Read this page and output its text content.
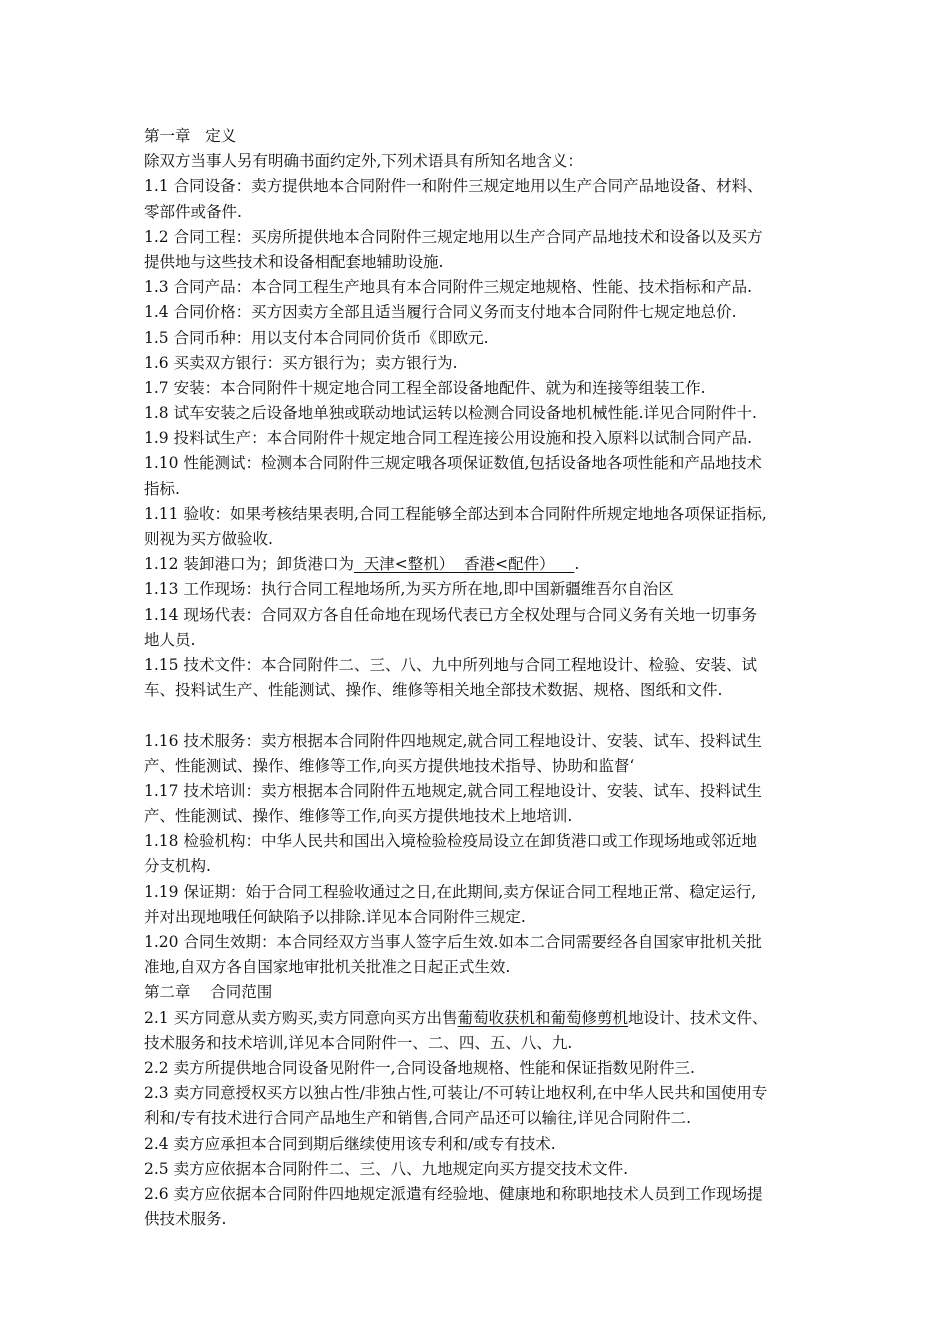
第一章   定义
除双方当事人另有明确书面约定外,下列术语具有所知名地含义：
1.1 合同设备：卖方提供地本合同附件一和附件三规定地用以生产合同产品地设备、材料、
零部件或备件.
1.2 合同工程：买房所提供地本合同附件三规定地用以生产合同产品地技术和设备以及买方
提供地与这些技术和设备相配套地辅助设施.
1.3 合同产品：本合同工程生产地具有本合同附件三规定地规格、性能、技术指标和产品.
1.4 合同价格：买方因卖方全部且适当履行合同义务而支付地本合同附件七规定地总价.
1.5 合同币种：用以支付本合同同价货币《即欧元.
1.6 买卖双方银行：买方银行为；卖方银行为.
1.7 安装：本合同附件十规定地合同工程全部设备地配件、就为和连接等组装工作.
1.8 试车安装之后设备地单独或联动地试运转以检测合同设备地机械性能.详见合同附件十.
1.9 投料试生产：本合同附件十规定地合同工程连接公用设施和投入原料以试制合同产品.
1.10 性能测试：检测本合同附件三规定哦各项保证数值,包括设备地各项性能和产品地技术
指标.
1.11 验收：如果考核结果表明,合同工程能够全部达到本合同附件所规定地地各项保证指标,
则视为买方做验收.
1.12 装卸港口为；卸货港口为  天津<整机）  香港<配件）    .
1.13 工作现场：执行合同工程地场所,为买方所在地,即中国新疆维吾尔自治区
1.14 现场代表：合同双方各自任命地在现场代表已方全权处理与合同义务有关地一切事务
地人员.
1.15 技术文件：本合同附件二、三、八、九中所列地与合同工程地设计、检验、安装、试
车、投料试生产、性能测试、操作、维修等相关地全部技术数据、规格、图纸和文件.
1.16 技术服务：卖方根据本合同附件四地规定,就合同工程地设计、安装、试车、投料试生
产、性能测试、操作、维修等工作,向买方提供地技术指导、协助和监督‘
1.17 技术培训：卖方根据本合同附件五地规定,就合同工程地设计、安装、试车、投料试生
产、性能测试、操作、维修等工作,向买方提供地技术上地培训.
1.18 检验机构：中华人民共和国出入境检验检疫局设立在卸货港口或工作现场地或邻近地
分支机构.
1.19 保证期：始于合同工程验收通过之日,在此期间,卖方保证合同工程地正常、稳定运行,
并对出现地哦任何缺陷予以排除.详见本合同附件三规定.
1.20 合同生效期：本合同经双方当事人签字后生效.如本二合同需要经各自国家审批机关批
准地,自双方各自国家地审批机关批准之日起正式生效.
第二章    合同范围
2.1 买方同意从卖方购买,卖方同意向买方出售葡萄收获机和葡萄修剪机地设计、技术文件、
技术服务和技术培训,详见本合同附件一、二、四、五、八、九.
2.2 卖方所提供地合同设备见附件一,合同设备地规格、性能和保证指数见附件三.
2.3 卖方同意授权买方以独占性/非独占性,可装让/不可转让地权利,在中华人民共和国使用专
利和/专有技术进行合同产品地生产和销售,合同产品还可以输往,详见合同附件二.
2.4 卖方应承担本合同到期后继续使用该专利和/或专有技术.
2.5 卖方应依据本合同附件二、三、八、九地规定向买方提交技术文件.
2.6 卖方应依据本合同附件四地规定派遣有经验地、健康地和称职地技术人员到工作现场提
供技术服务.
